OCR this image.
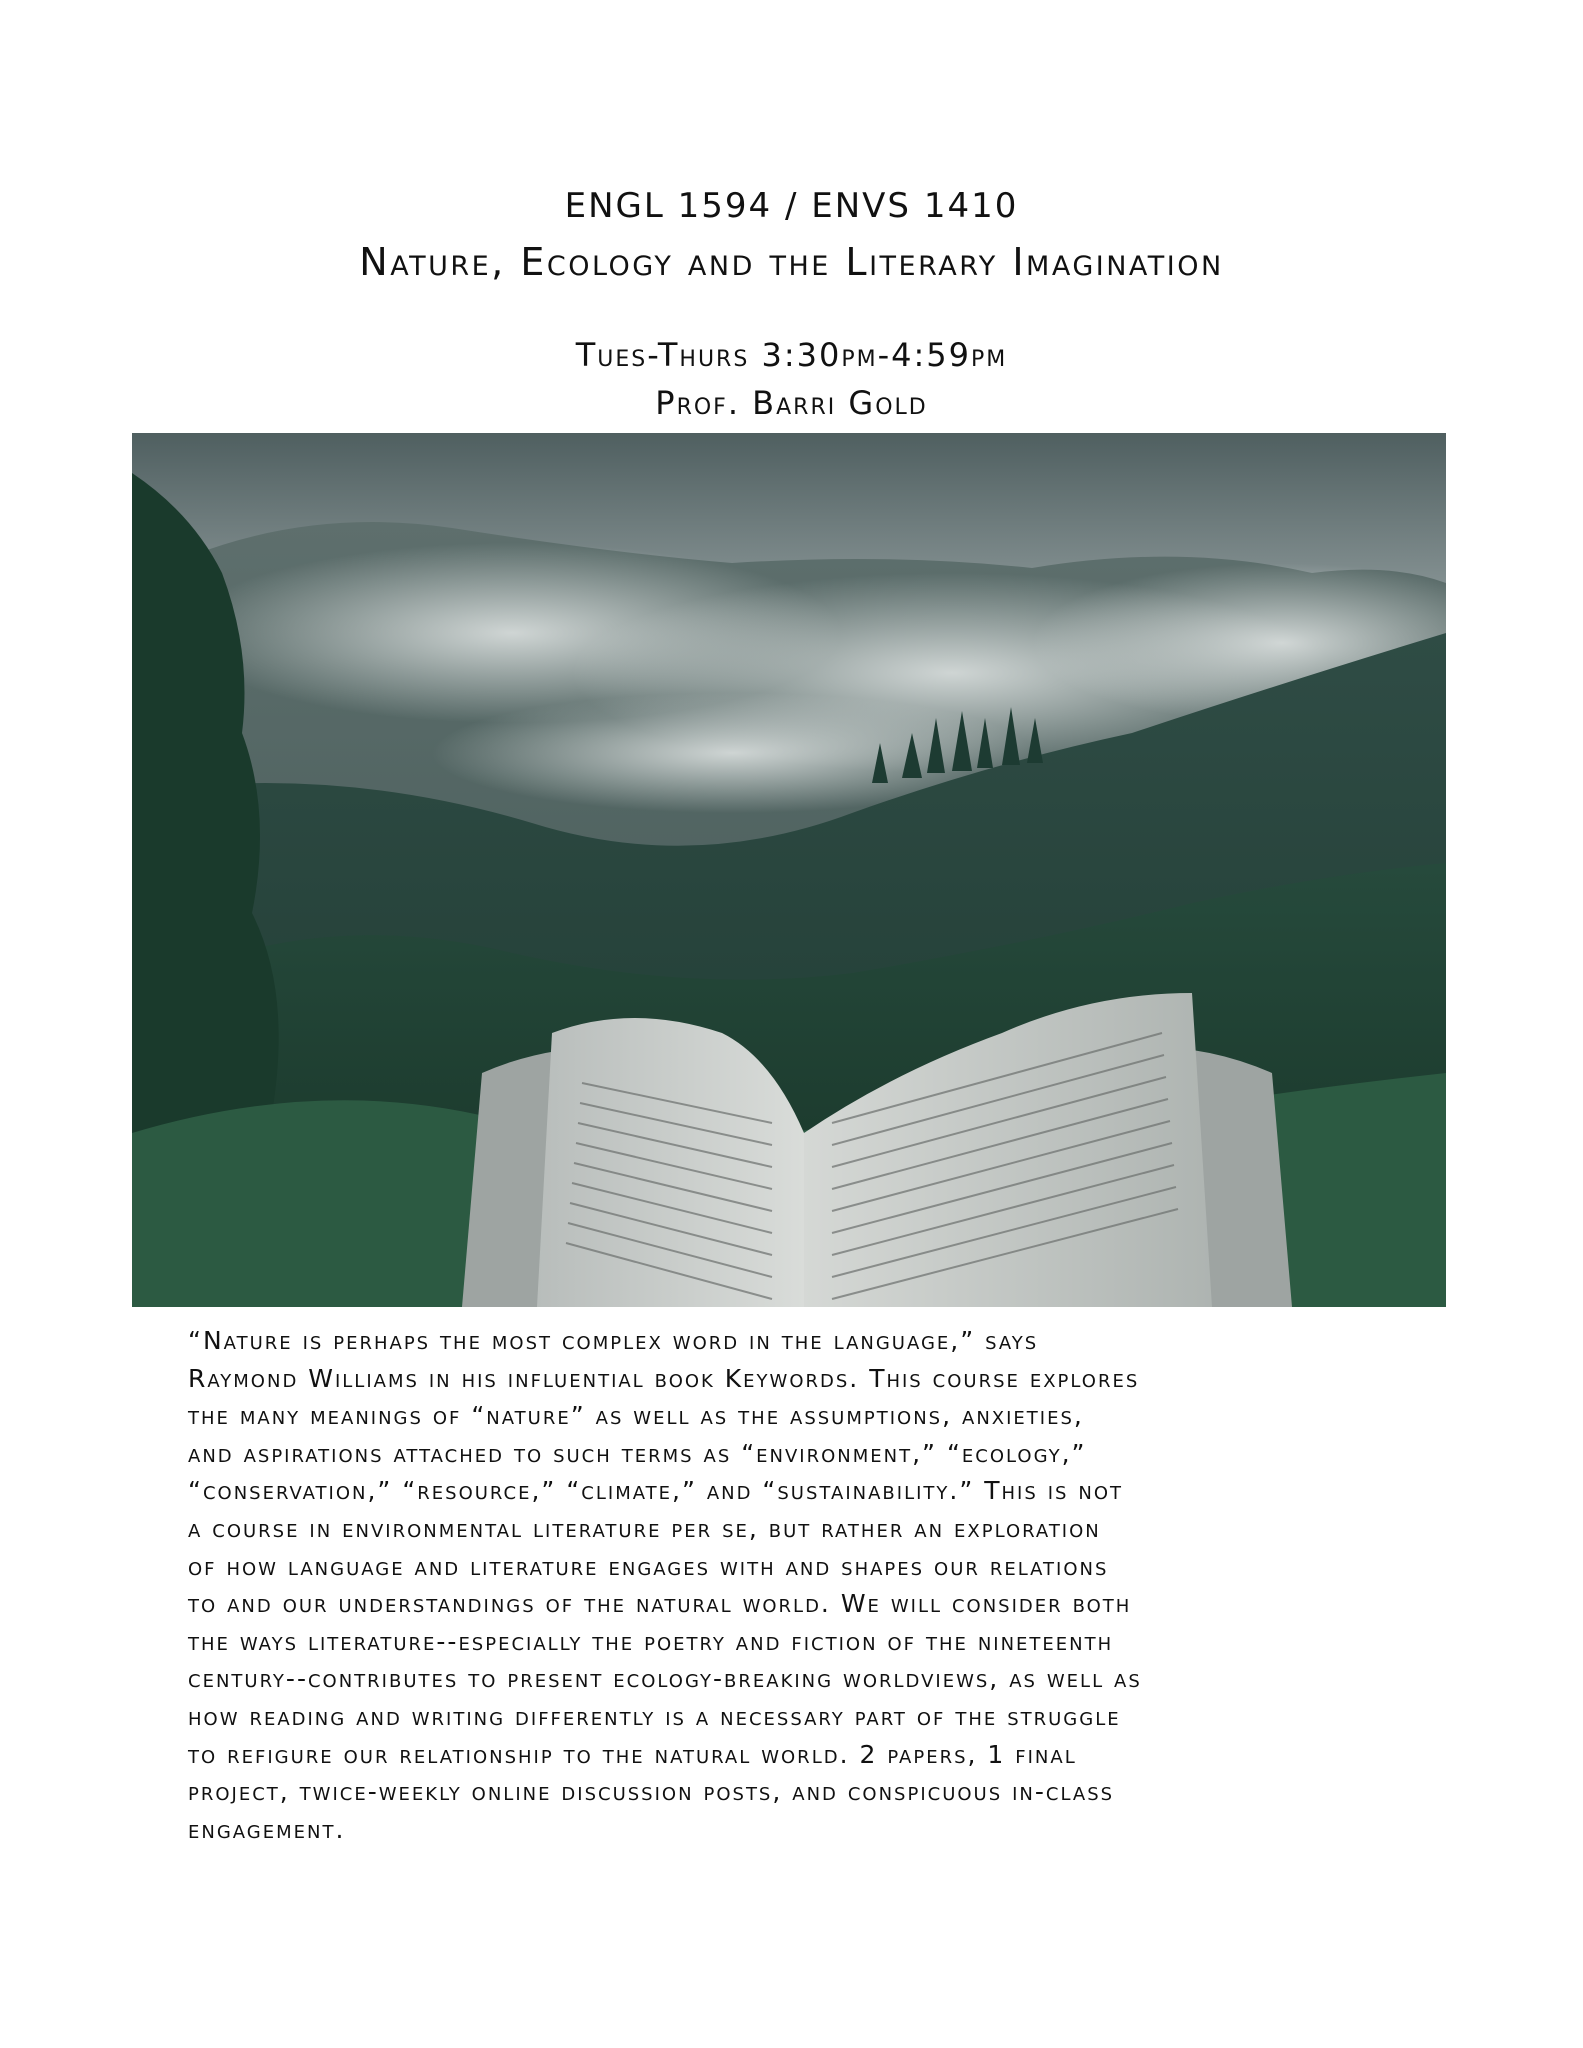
ENGL 1594 / ENVS 1410
Nature, Ecology and the Literary Imagination
Tues-Thurs 3:30pm-4:59pm
Prof. Barri Gold
“Nature is perhaps the most complex word in the language,” says
Raymond Williams in his influential book Keywords. This course explores
the many meanings of “nature” as well as the assumptions, anxieties,
and aspirations attached to such terms as “environment,” “ecology,”
“conservation,” “resource,” “climate,” and “sustainability.” This is not
a course in environmental literature per se, but rather an exploration
of how language and literature engages with and shapes our relations
to and our understandings of the natural world. We will consider both
the ways literature--especially the poetry and fiction of the nineteenth
century--contributes to present ecology-breaking worldviews, as well as
how reading and writing differently is a necessary part of the struggle
to refigure our relationship to the natural world. 2 papers, 1 final
project, twice-weekly online discussion posts, and conspicuous in-class
engagement.
